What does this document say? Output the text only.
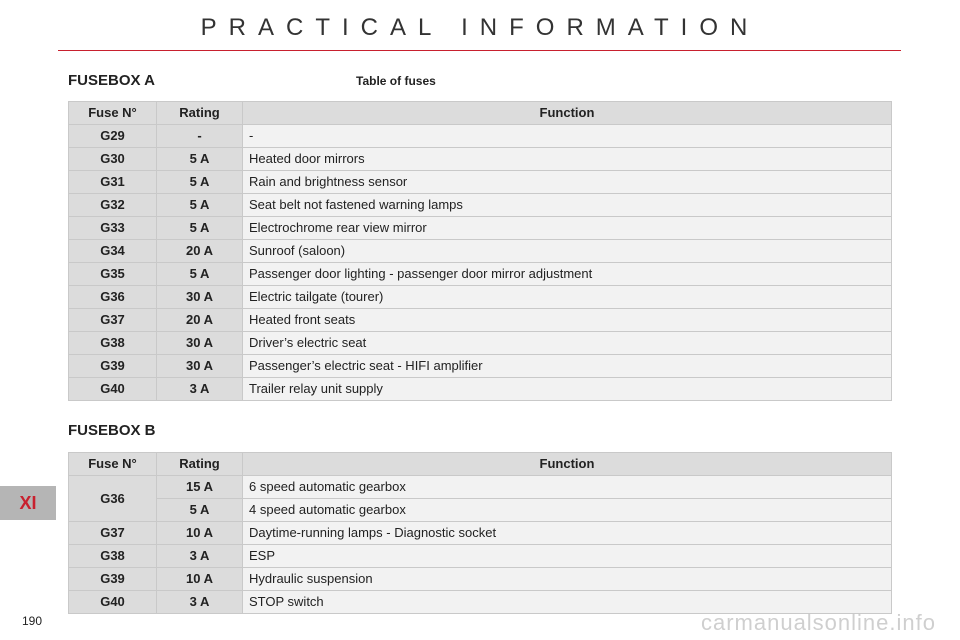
PRACTICAL INFORMATION
FUSEBOX A	Table of fuses
Fuse N°	Rating	Function
G29	-	-
G30	5 A	Heated door mirrors
G31	5 A	Rain and brightness sensor
G32	5 A	Seat belt not fastened warning lamps
G33	5 A	Electrochrome rear view mirror
G34	20 A	Sunroof (saloon)
G35	5 A	Passenger door lighting - passenger door mirror adjustment
G36	30 A	Electric tailgate (tourer)
G37	20 A	Heated front seats
G38	30 A	Driver’s electric seat
G39	30 A	Passenger’s electric seat - HIFI amplifier
G40	3 A	Trailer relay unit supply
FUSEBOX B
Fuse N°	Rating	Function
G36	15 A	6 speed automatic gearbox
	5 A	4 speed automatic gearbox
G37	10 A	Daytime-running lamps - Diagnostic socket
G38	3 A	ESP
G39	10 A	Hydraulic suspension
G40	3 A	STOP switch
XI
190	carmanualsonline.info
